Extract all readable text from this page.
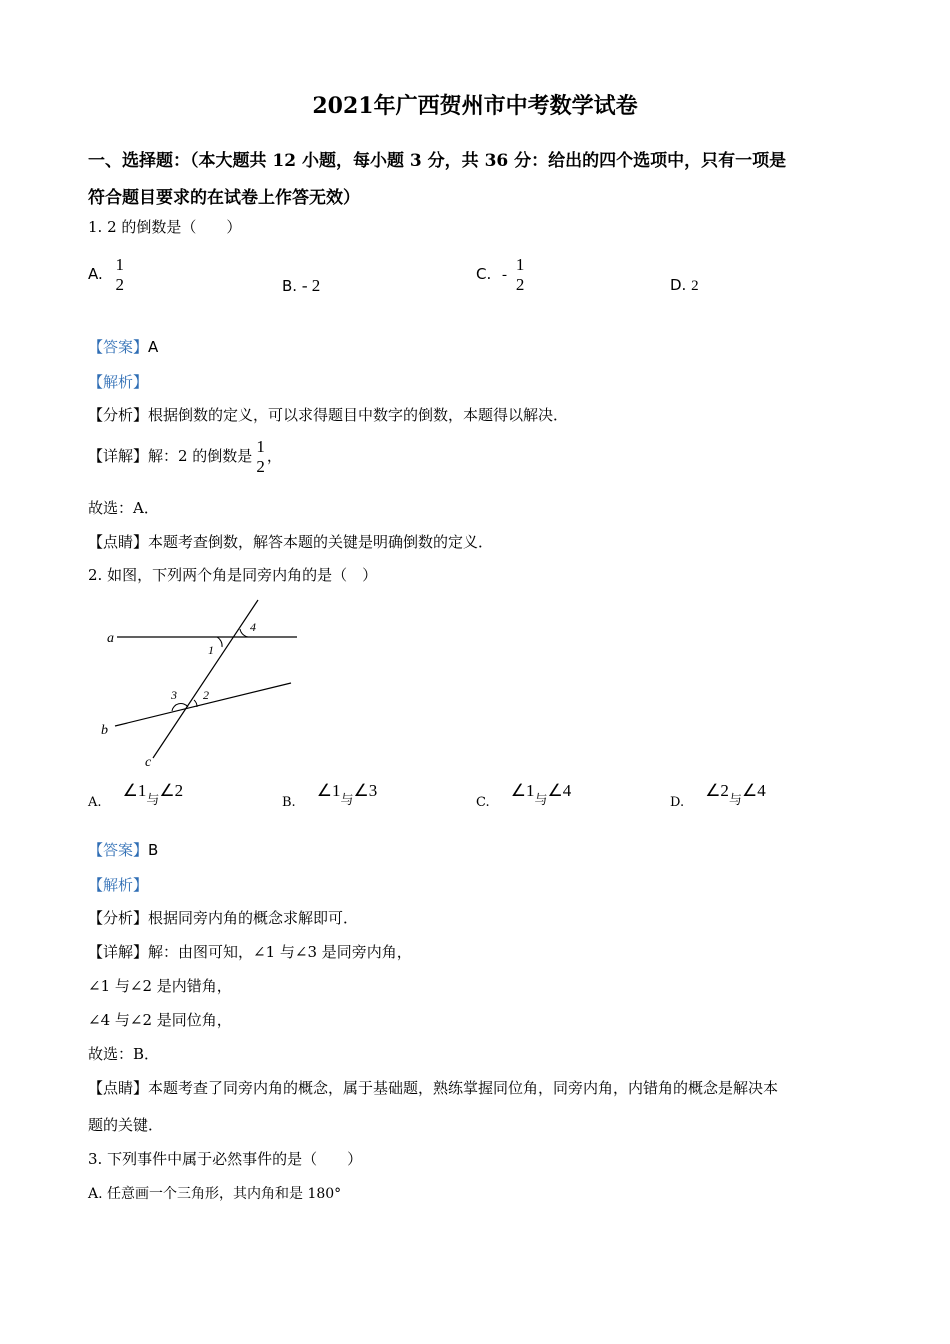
2021年广西贺州市中考数学试卷
一、选择题：（本大题共 12 小题，每小题 3 分，共 36 分：给出的四个选项中，只有一项是
符合题目要求的在试卷上作答无效）
1. 2 的倒数是（　　）
A. 1
2	B. - 2
C. -
1
2	D. 2
【答案】A
【解析】
【分析】根据倒数的定义，可以求得题目中数字的倒数，本题得以解决．
【详解】解：2 的倒数是 1
2
，
故选：A．
【点睛】本题考查倒数，解答本题的关键是明确倒数的定义．
2. 如图，下列两个角是同旁内角的是（　）
a
b
c
1
2
3
4
$_{A.}$ $\angle 1_与\angle 2$
$_{B.}$ $\angle 1_与\angle 3$
$_{C.}$ $\angle 1_与\angle 4$
$_{D.}$ $\angle 2_与\angle 4$
【答案】B
【解析】
【分析】根据同旁内角的概念求解即可．
【详解】解：由图可知，∠1 与∠3 是同旁内角，
∠1 与∠2 是内错角，
∠4 与∠2 是同位角，
故选：B．
【点睛】本题考查了同旁内角的概念，属于基础题，熟练掌握同位角，同旁内角，内错角的概念是解决本
题的关键．
3. 下列事件中属于必然事件的是（　　）
A. 任意画一个三角形，其内角和是 180°
